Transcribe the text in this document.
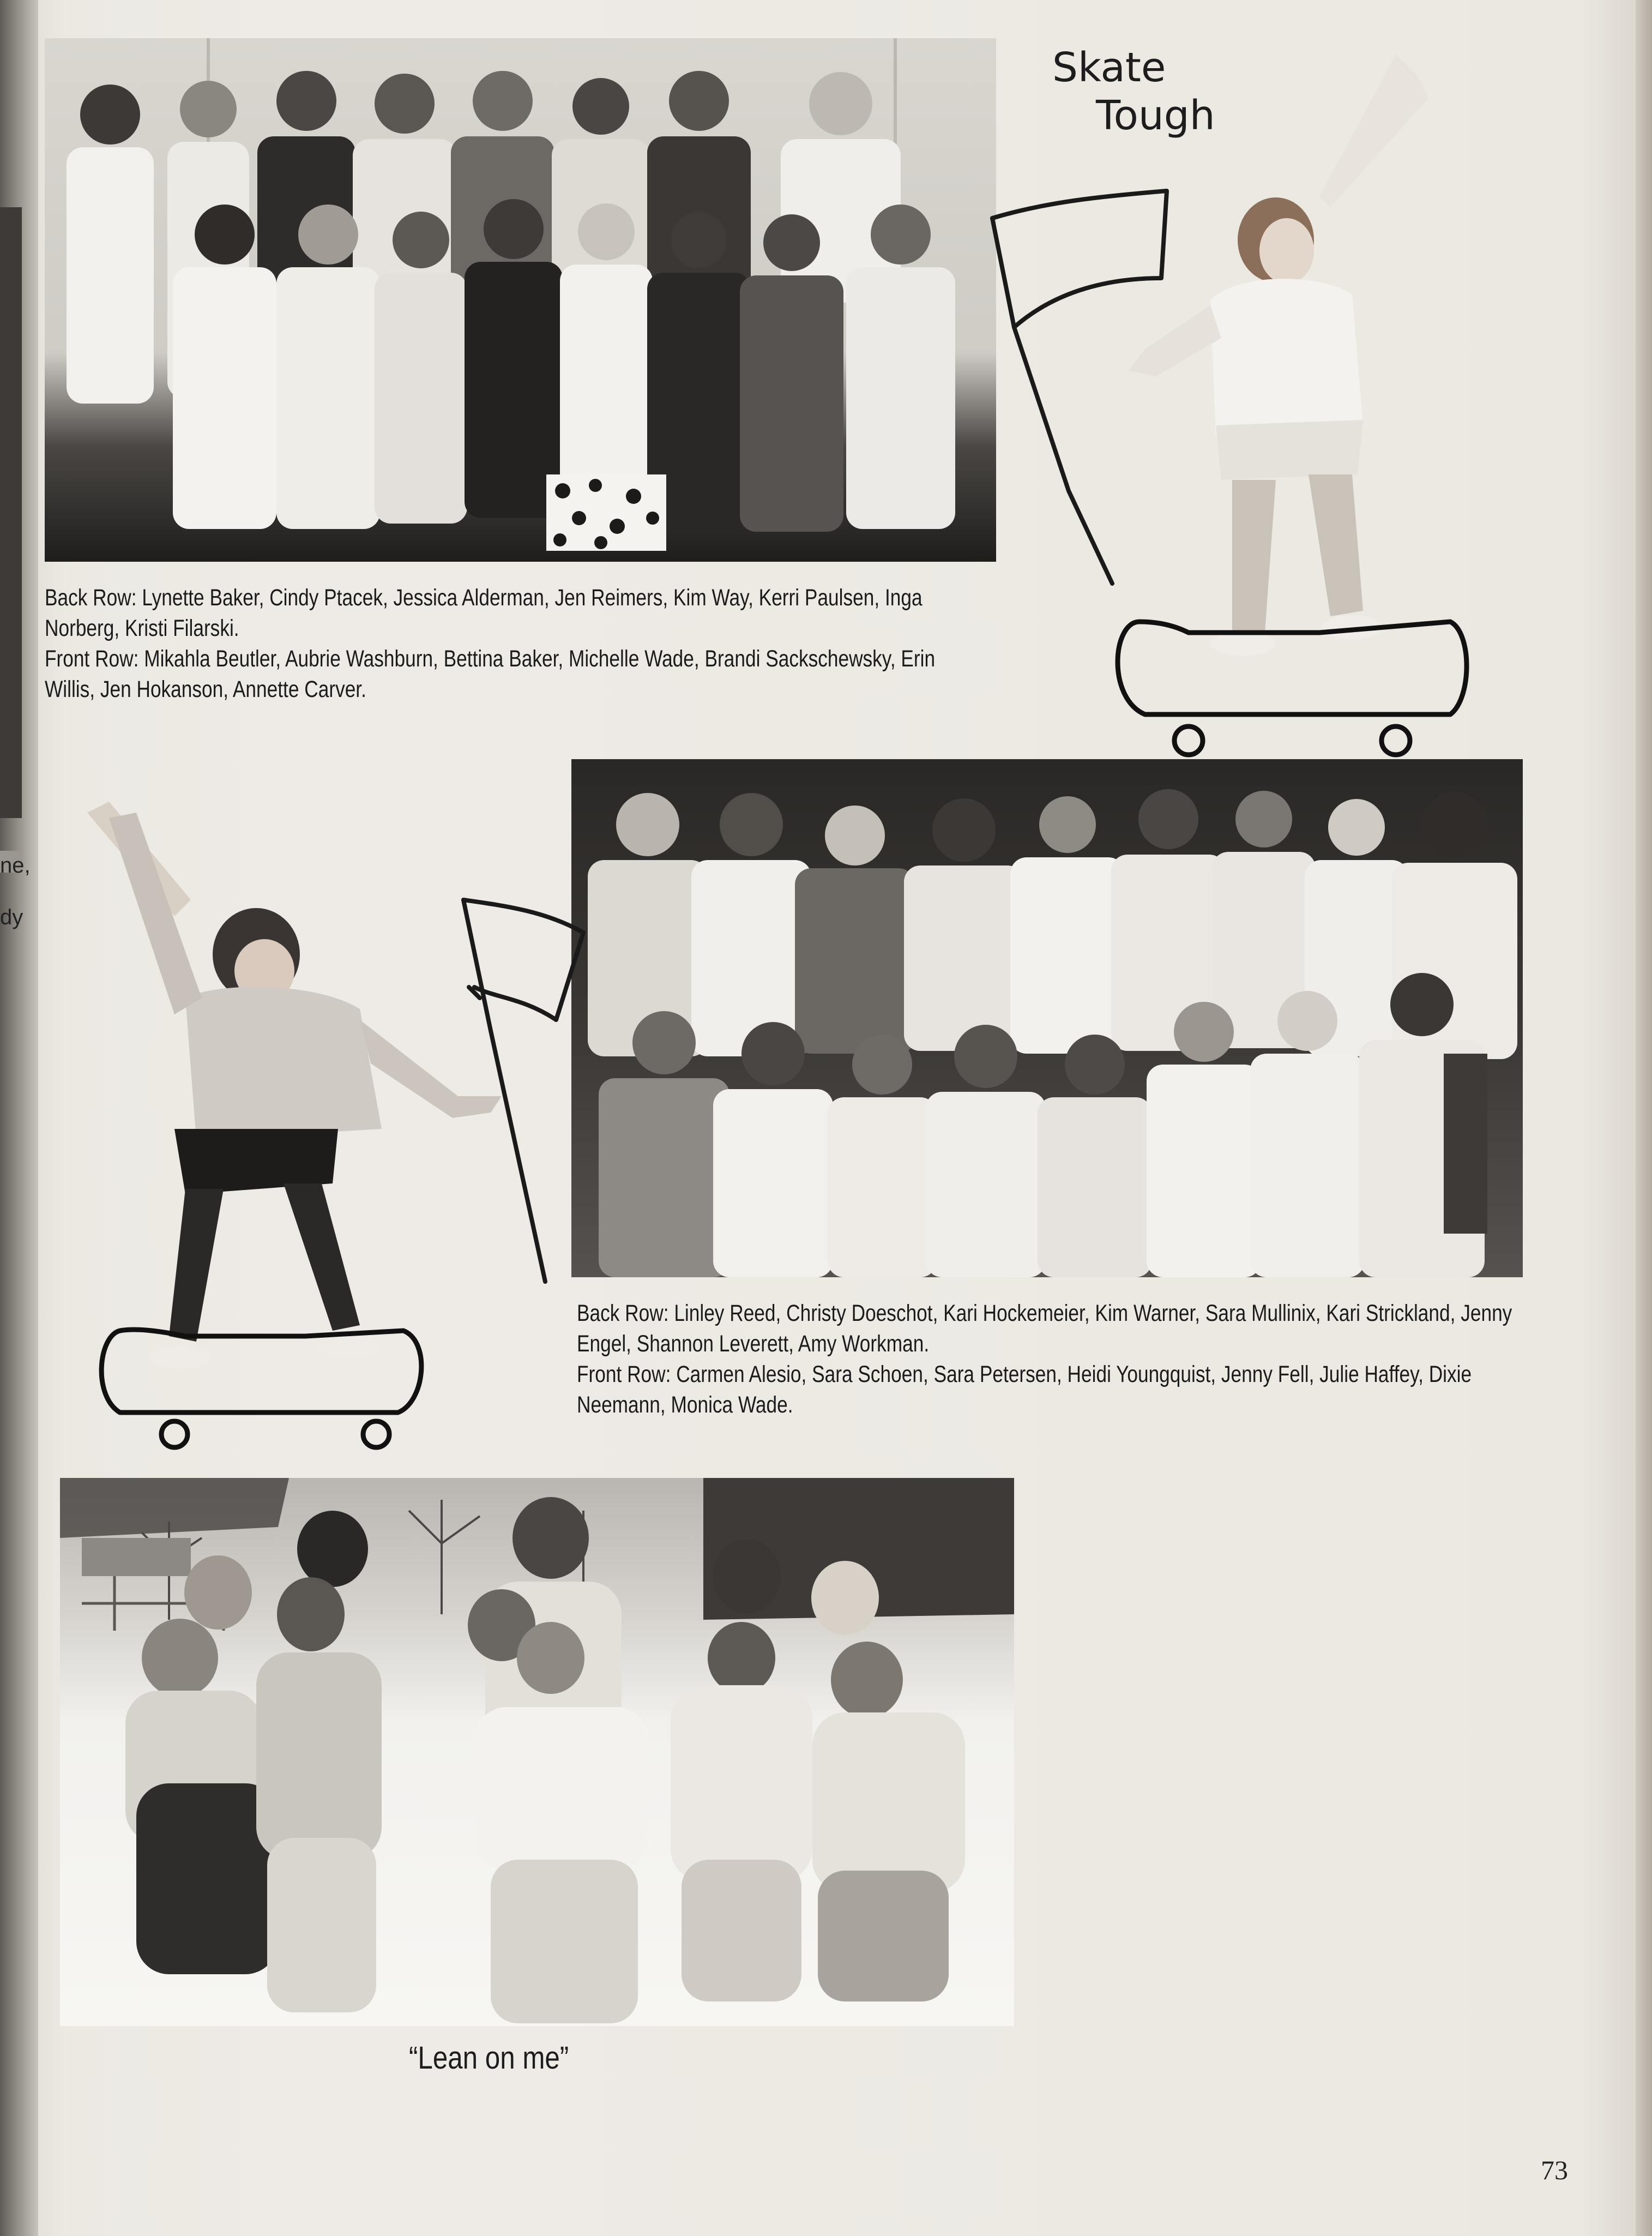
ne,
dy

Back Row: Lynette Baker, Cindy Ptacek, Jessica Alderman, Jen Reimers, Kim Way, Kerri Paulsen, Inga Norberg, Kristi Filarski.
Front Row: Mikahla Beutler, Aubrie Washburn, Bettina Baker, Michelle Wade, Brandi Sackschewsky, Erin Willis, Jen Hokanson, Annette Carver.

Skate
Tough

Back Row: Linley Reed, Christy Doeschot, Kari Hockemeier, Kim Warner, Sara Mullinix, Kari Strickland, Jenny Engel, Shannon Leverett, Amy Workman.
Front Row: Carmen Alesio, Sara Schoen, Sara Petersen, Heidi Youngquist, Jenny Fell, Julie Haffey, Dixie Neemann, Monica Wade.

“Lean on me”
73
